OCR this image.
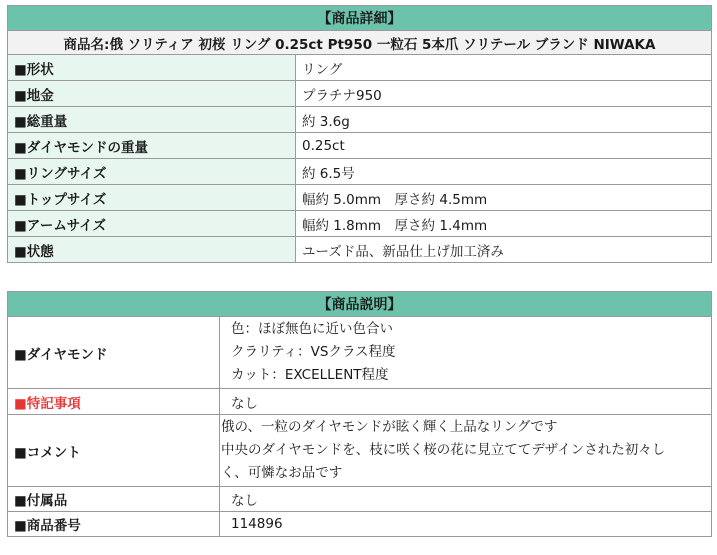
【商品詳細】	
商品名:俄 ソリティア 初桜 リング 0.25ct Pt950 一粒石 5本爪 ソリテール ブランド NIWAKA	
■形状	リング
■地金	プラチナ950
■総重量	約 3.6g
■ダイヤモンドの重量	0.25ct
■リングサイズ	約 6.5号
■トップサイズ	幅約 5.0mm　厚さ約 4.5mm
■アームサイズ	幅約 1.8mm　厚さ約 1.4mm
■状態	ユーズド品、新品仕上げ加工済み
【商品説明】	
■ダイヤモンド	色：ほぼ無色に近い色合い
クラリティ：VSクラス程度
カット：EXCELLENT程度

■特記事項	なし
■コメント	俄の、一粒のダイヤモンドが眩く輝く上品なリングです
中央のダイヤモンドを、枝に咲く桜の花に見立ててデザインされた初々し
く、可憐なお品です

■付属品	なし
■商品番号	114896
